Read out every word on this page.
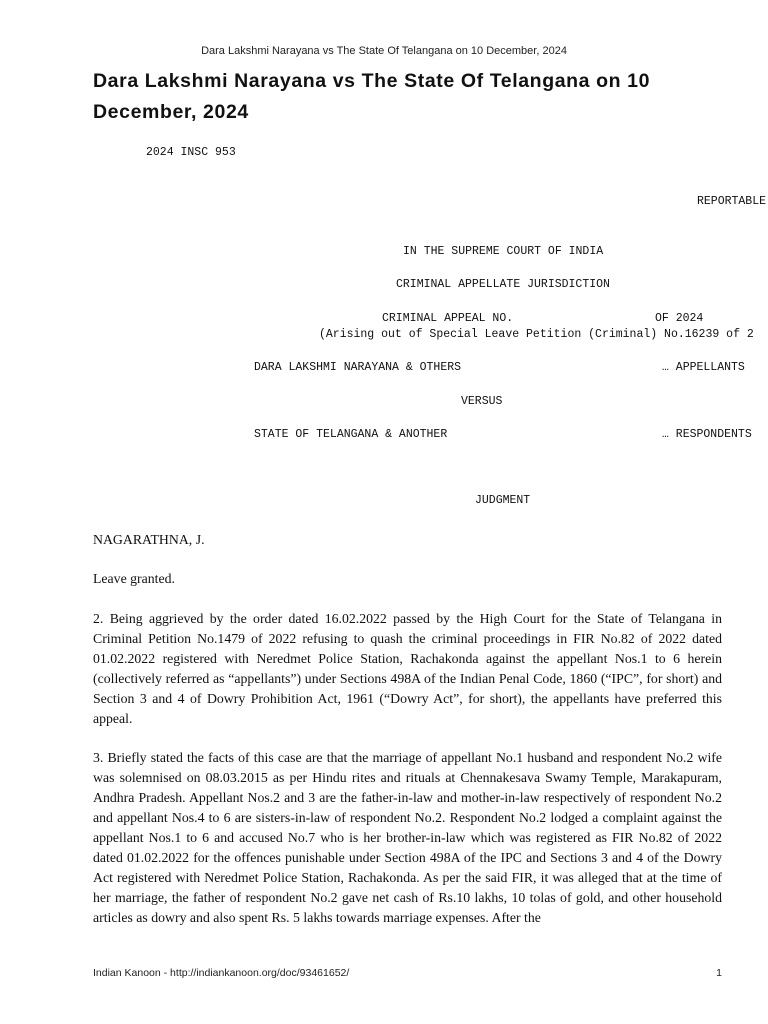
Dara Lakshmi Narayana vs The State Of Telangana on 10 December, 2024
Dara Lakshmi Narayana vs The State Of Telangana on 10 December, 2024
2024 INSC 953
REPORTABLE
IN THE SUPREME COURT OF INDIA
CRIMINAL APPELLATE JURISDICTION
CRIMINAL APPEAL NO.	OF 2024
(Arising out of Special Leave Petition (Criminal) No.16239 of 2
DARA LAKSHMI NARAYANA & OTHERS	… APPELLANTS
VERSUS
STATE OF TELANGANA & ANOTHER	… RESPONDENTS
JUDGMENT

NAGARATHNA, J.

Leave granted.

2. Being aggrieved by the order dated 16.02.2022 passed by the High Court for the State of Telangana in Criminal Petition No.1479 of 2022 refusing to quash the criminal proceedings in FIR No.82 of 2022 dated 01.02.2022 registered with Neredmet Police Station, Rachakonda against the appellant Nos.1 to 6 herein (collectively referred as “appellants”) under Sections 498A of the Indian Penal Code, 1860 (“IPC”, for short) and Section 3 and 4 of Dowry Prohibition Act, 1961 (“Dowry Act”, for short), the appellants have preferred this appeal.

3. Briefly stated the facts of this case are that the marriage of appellant No.1 husband and respondent No.2 wife was solemnised on 08.03.2015 as per Hindu rites and rituals at Chennakesava Swamy Temple, Marakapuram, Andhra Pradesh. Appellant Nos.2 and 3 are the father-in-law and mother-in-law respectively of respondent No.2 and appellant Nos.4 to 6 are sisters-in-law of respondent No.2. Respondent No.2 lodged a complaint against the appellant Nos.1 to 6 and accused No.7 who is her brother-in-law which was registered as FIR No.82 of 2022 dated 01.02.2022 for the offences punishable under Section 498A of the IPC and Sections 3 and 4 of the Dowry Act registered with Neredmet Police Station, Rachakonda. As per the said FIR, it was alleged that at the time of her marriage, the father of respondent No.2 gave net cash of Rs.10 lakhs, 10 tolas of gold, and other household articles as dowry and also spent Rs. 5 lakhs towards marriage expenses. After the

Indian Kanoon - http://indiankanoon.org/doc/93461652/	1
